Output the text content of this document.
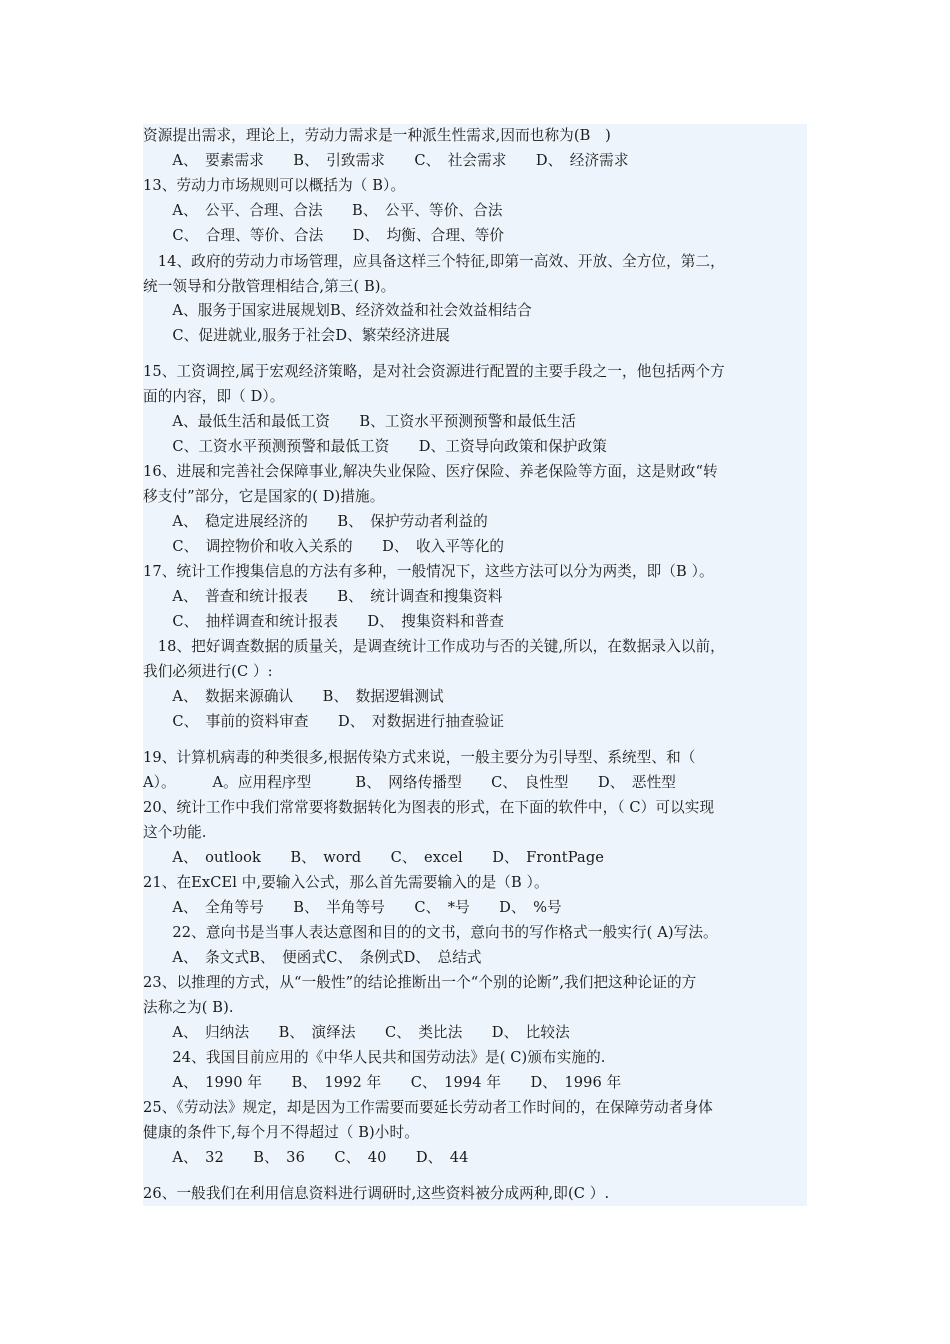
资源提出需求，理论上，劳动力需求是一种派生性需求,因而也称为(B　)
　　A、　要素需求　　B、　引致需求　　C、　社会需求　　D、　经济需求
13、劳动力市场规则可以概括为（ B）。
　　A、　公平、合理、合法　　B、　公平、等价、合法
　　C、　合理、等价、合法　　D、　均衡、合理、等价
　14、政府的劳动力市场管理，应具备这样三个特征,即第一高效、开放、全方位，第二，
统一领导和分散管理相结合,第三( B)。
　　A、服务于国家进展规划B、经济效益和社会效益相结合
　　C、促进就业,服务于社会D、繁荣经济进展
15、工资调控,属于宏观经济策略，是对社会资源进行配置的主要手段之一，他包括两个方
面的内容，即（ D）。
　　A、最低生活和最低工资　　B、工资水平预测预警和最低生活
　　C、工资水平预测预警和最低工资　　D、工资导向政策和保护政策
16、进展和完善社会保障事业,解决失业保险、医疗保险、养老保险等方面，这是财政“转
移支付”部分，它是国家的( D)措施。
　　A、　稳定进展经济的　　B、　保护劳动者利益的
　　C、　调控物价和收入关系的　　D、　收入平等化的
17、统计工作搜集信息的方法有多种，一般情况下，这些方法可以分为两类，即（B ）。
　　A、　普查和统计报表　　B、　统计调查和搜集资料
　　C、　抽样调查和统计报表　　D、　搜集资料和普查
　18、把好调查数据的质量关，是调查统计工作成功与否的关键,所以，在数据录入以前，
我们必须进行(C ）:
　　A、　数据来源确认　　B、　数据逻辑测试
　　C、　事前的资料审查　　D、　对数据进行抽查验证
19、计算机病毒的种类很多,根据传染方式来说，一般主要分为引导型、系统型、和（
A）。　　　A。应用程序型　　　B、　网络传播型　　C、　良性型　　D、　恶性型
20、统计工作中我们常常要将数据转化为图表的形式，在下面的软件中，（ C）可以实现
这个功能.
　　A、　outlook　　B、　word　　C、　excel　　D、　FrontPage
21、在ExCEl 中,要输入公式，那么首先需要输入的是（B ）。
　　A、　全角等号　　B、　半角等号　　C、　*号　　D、　%号
　　22、意向书是当事人表达意图和目的的文书，意向书的写作格式一般实行( A)写法。
　　A、　条文式B、　便函式C、　条例式D、　总结式
23、以推理的方式，从“一般性”的结论推断出一个“个别的论断”,我们把这种论证的方
法称之为( B).
　　A、　归纳法　　B、　演绎法　　C、　类比法　　D、　比较法
　　24、我国目前应用的《中华人民共和国劳动法》是( C)颁布实施的.
　　A、　1990 年　　B、　1992 年　　C、　1994 年　　D、　1996 年
25、《劳动法》规定，却是因为工作需要而要延长劳动者工作时间的，在保障劳动者身体
健康的条件下,每个月不得超过（ B)小时。
　　A、　32　　B、　36　　C、　40　　D、　44
26、一般我们在利用信息资料进行调研时,这些资料被分成两种,即(C ）.
